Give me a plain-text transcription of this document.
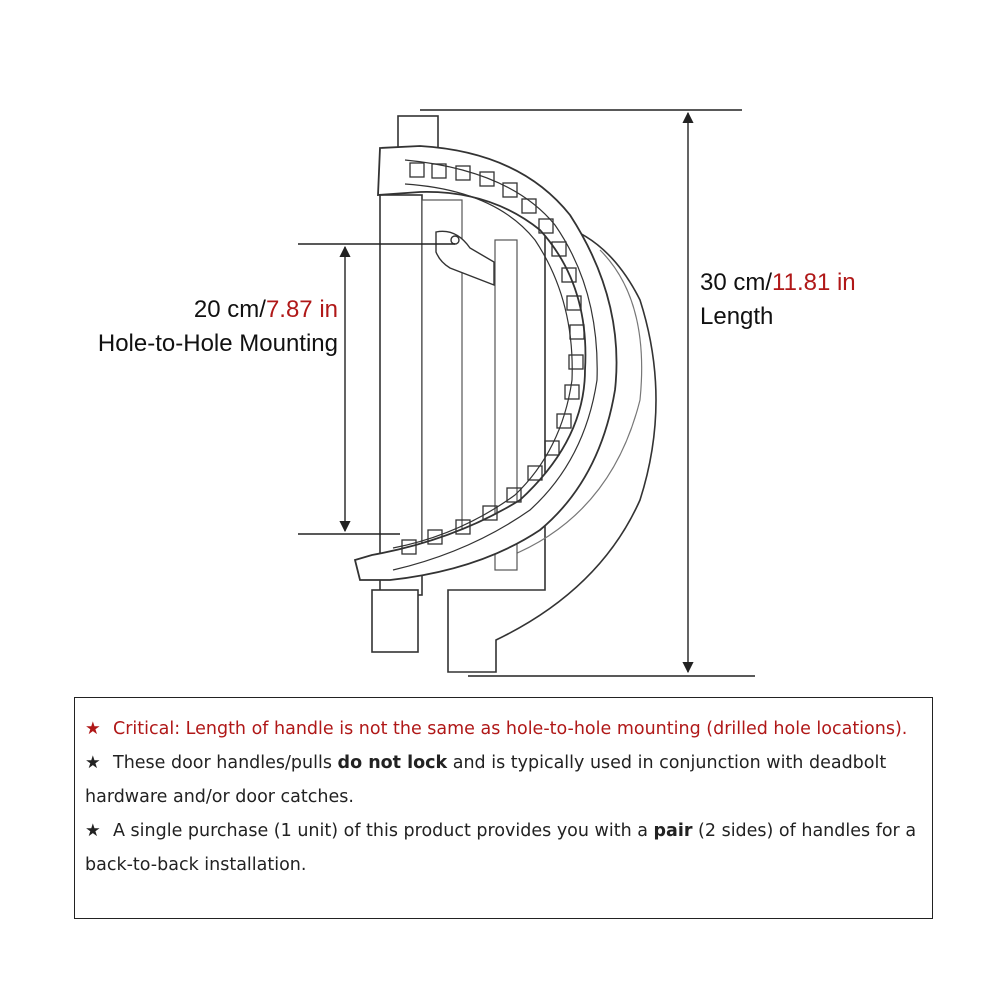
20 cm/7.87 in
Hole-to-Hole Mounting
30 cm/11.81 in
Length

★ Critical: Length of handle is not the same as hole-to-hole mounting (drilled hole locations).

★ These door handles/pulls do not lock and is typically used in conjunction with deadbolt hardware and/or door catches.

★ A single purchase (1 unit) of this product provides you with a pair (2 sides) of handles for a back-to-back installation.
